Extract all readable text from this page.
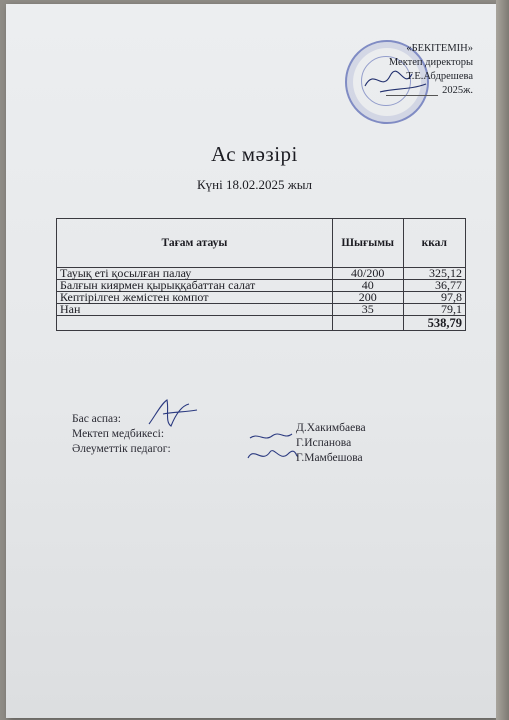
«БЕКІТЕМІН»
Мектеп директоры
Т.Е.Абдрешева
2025ж.
Ас мәзірі
Күні 18.02.2025 жыл
Тағам атауы	Шығымы	ккал
Тауық еті қосылған палау	40/200	325,12
Балғын киярмен қырыққабаттан салат	40	36,77
Кептірілген жемістен компот	200	97,8
Нан	35	79,1
		538,79
Бас аспаз:
Мектеп медбикесі:
Әлеуметтік педагог:
Д.Хакимбаева
Г.Испанова
Г.Мамбешова
